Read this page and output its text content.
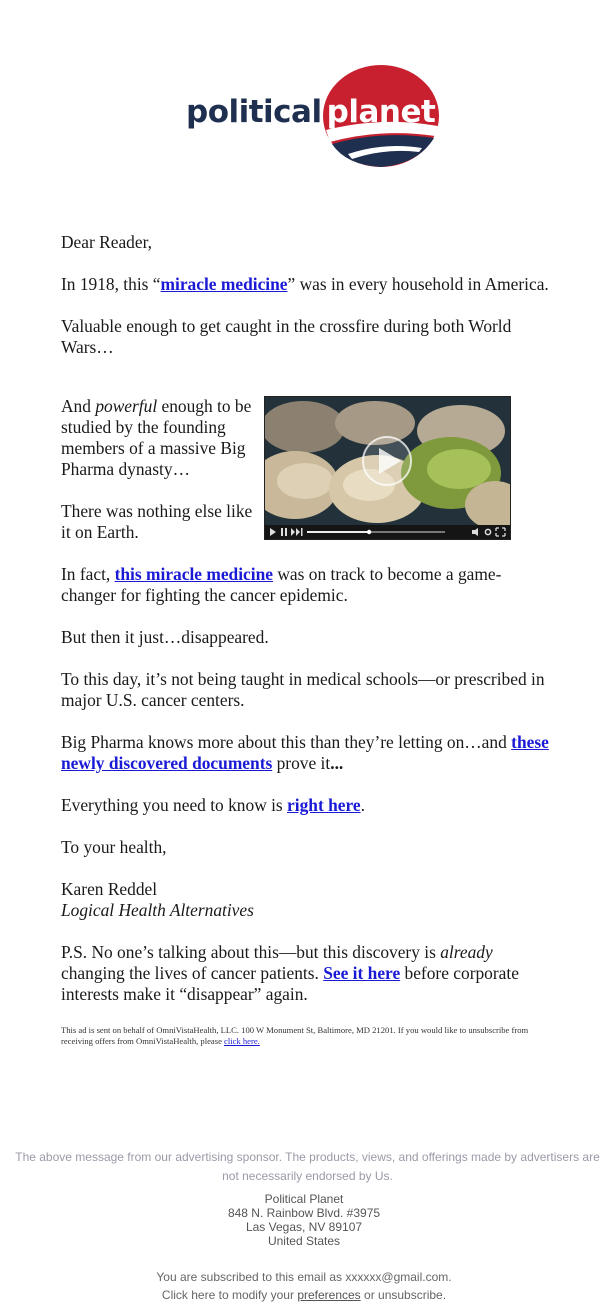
political planet

Dear Reader,

In 1918, this “miracle medicine” was in every household in America.

Valuable enough to get caught in the crossfire during both World Wars…

And powerful enough to be studied by the founding members of a massive Big Pharma dynasty…

There was nothing else like it on Earth.

In fact, this miracle medicine was on track to become a game-changer for fighting the cancer epidemic.

But then it just…disappeared.

To this day, it’s not being taught in medical schools—or prescribed in major U.S. cancer centers.

Big Pharma knows more about this than they’re letting on…and these newly discovered documents prove it...

Everything you need to know is right here.

To your health,

Karen Reddel
Logical Health Alternatives

P.S. No one’s talking about this—but this discovery is already changing the lives of cancer patients. See it here before corporate interests make it “disappear” again.

This ad is sent on behalf of OmniVistaHealth, LLC. 100 W Monument St, Baltimore, MD 21201. If you would like to unsubscribe from receiving offers from OmniVistaHealth, please click here.

The above message from our advertising sponsor. The products, views, and offerings made by advertisers are not necessarily endorsed by Us.

Political Planet
848 N. Rainbow Blvd. #3975
Las Vegas, NV 89107
United States
You are subscribed to this email as xxxxxx@gmail.com.
Click here to modify your preferences or unsubscribe.
